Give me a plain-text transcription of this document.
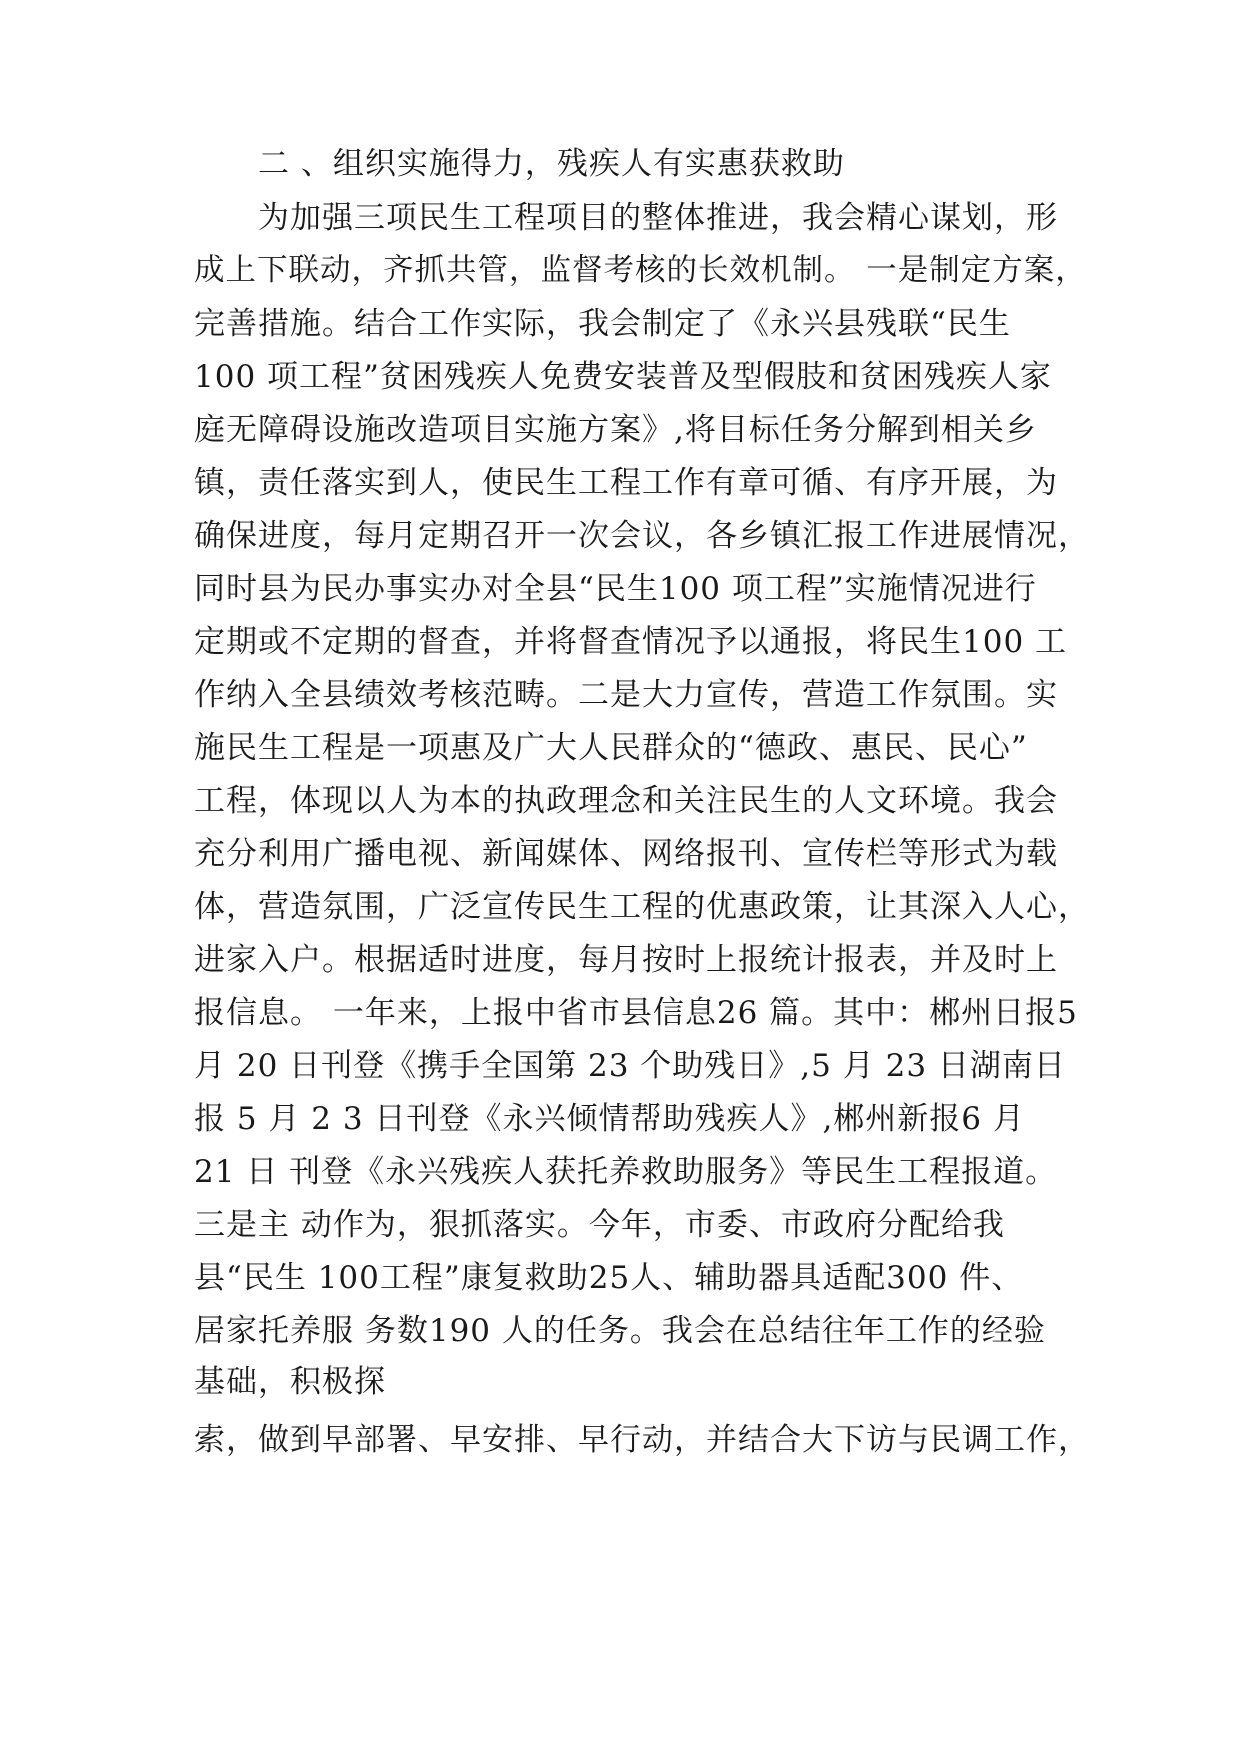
二 、组织实施得力，残疾人有实惠获救助
为加强三项民生工程项目的整体推进，我会精心谋划，形
成上下联动，齐抓共管，监督考核的长效机制。 一是制定方案，
完善措施。结合工作实际，我会制定了《永兴县残联“民生
100 项工程”贫困残疾人免费安装普及型假肢和贫困残疾人家
庭无障碍设施改造项目实施方案》,将目标任务分解到相关乡
镇，责任落实到人，使民生工程工作有章可循、有序开展，为
确保进度，每月定期召开一次会议，各乡镇汇报工作进展情况，
同时县为民办事实办对全县“民生100 项工程”实施情况进行
定期或不定期的督查，并将督查情况予以通报，将民生100 工
作纳入全县绩效考核范畴。二是大力宣传，营造工作氛围。实
施民生工程是一项惠及广大人民群众的“德政、惠民、民心”
工程，体现以人为本的执政理念和关注民生的人文环境。我会
充分利用广播电视、新闻媒体、网络报刊、宣传栏等形式为载
体，营造氛围，广泛宣传民生工程的优惠政策，让其深入人心，
进家入户。根据适时进度，每月按时上报统计报表，并及时上
报信息。 一年来，上报中省市县信息26 篇。其中：郴州日报5
月 20 日刊登《携手全国第 23 个助残日》,5 月 23 日湖南日
报 5 月 2 3 日刊登《永兴倾情帮助残疾人》,郴州新报6 月
21 日 刊登《永兴残疾人获托养救助服务》等民生工程报道。
三是主 动作为，狠抓落实。今年，市委、市政府分配给我
县“民生 100工程”康复救助25人、辅助器具适配300 件、
居家托养服 务数190 人的任务。我会在总结往年工作的经验
基础，积极探
索，做到早部署、早安排、早行动，并结合大下访与民调工作，
